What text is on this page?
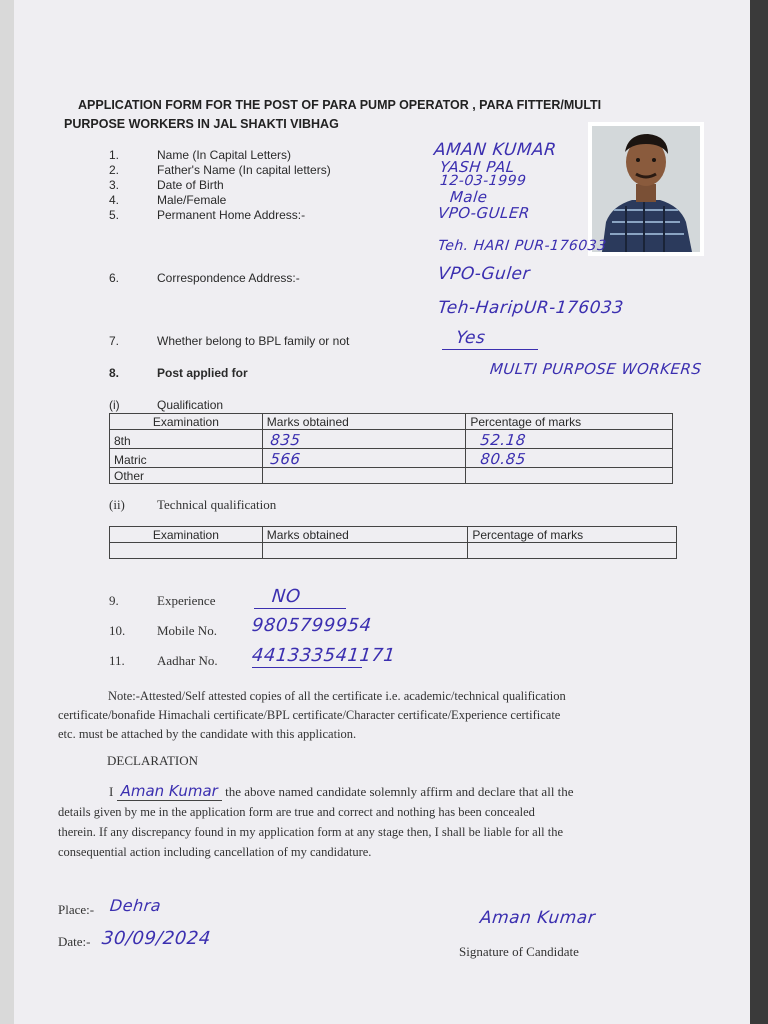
APPLICATION FORM FOR THE POST OF PARA PUMP OPERATOR , PARA FITTER/MULTI
PURPOSE WORKERS IN JAL SHAKTI VIBHAG
1.	Name (In Capital Letters)	AMAN KUMAR
2.	Father's Name (In capital letters)	YASH PAL
3.	Date of Birth	12-03-1999
4.	Male/Female	Male
5.	Permanent Home Address:-	VPO-GULER
Teh. HARI PUR-176033
6.	Correspondence Address:-	VPO-Guler
Teh-HaripUR-176033
7.	Whether belong to BPL family or not	Yes
8.	Post applied for	MULTI PURPOSE WORKERS
(i)	Qualification
Examination	Marks obtained	Percentage of marks
8th	835	52.18
Matric	566	80.85
Other		
(ii) Technical qualification
Examination	Marks obtained	Percentage of marks

9.	Experience	NO
10. Mobile No. 9805799954
11. Aadhar No. 441333541171
Note:-Attested/Self attested copies of all the certificate i.e. academic/technical qualification
certificate/bonafide Himachali certificate/BPL certificate/Character certificate/Experience certificate
etc. must be attached by the candidate with this application.
DECLARATION
I Aman Kumar the above named candidate solemnly affirm and declare that all the
details given by me in the application form are true and correct and nothing has been concealed
therein. If any discrepancy found in my application form at any stage then, I shall be liable for all the
consequential action including cancellation of my candidature.
Place:- Dehra
Date:- 30/09/2024
Aman Kumar
Signature of Candidate
